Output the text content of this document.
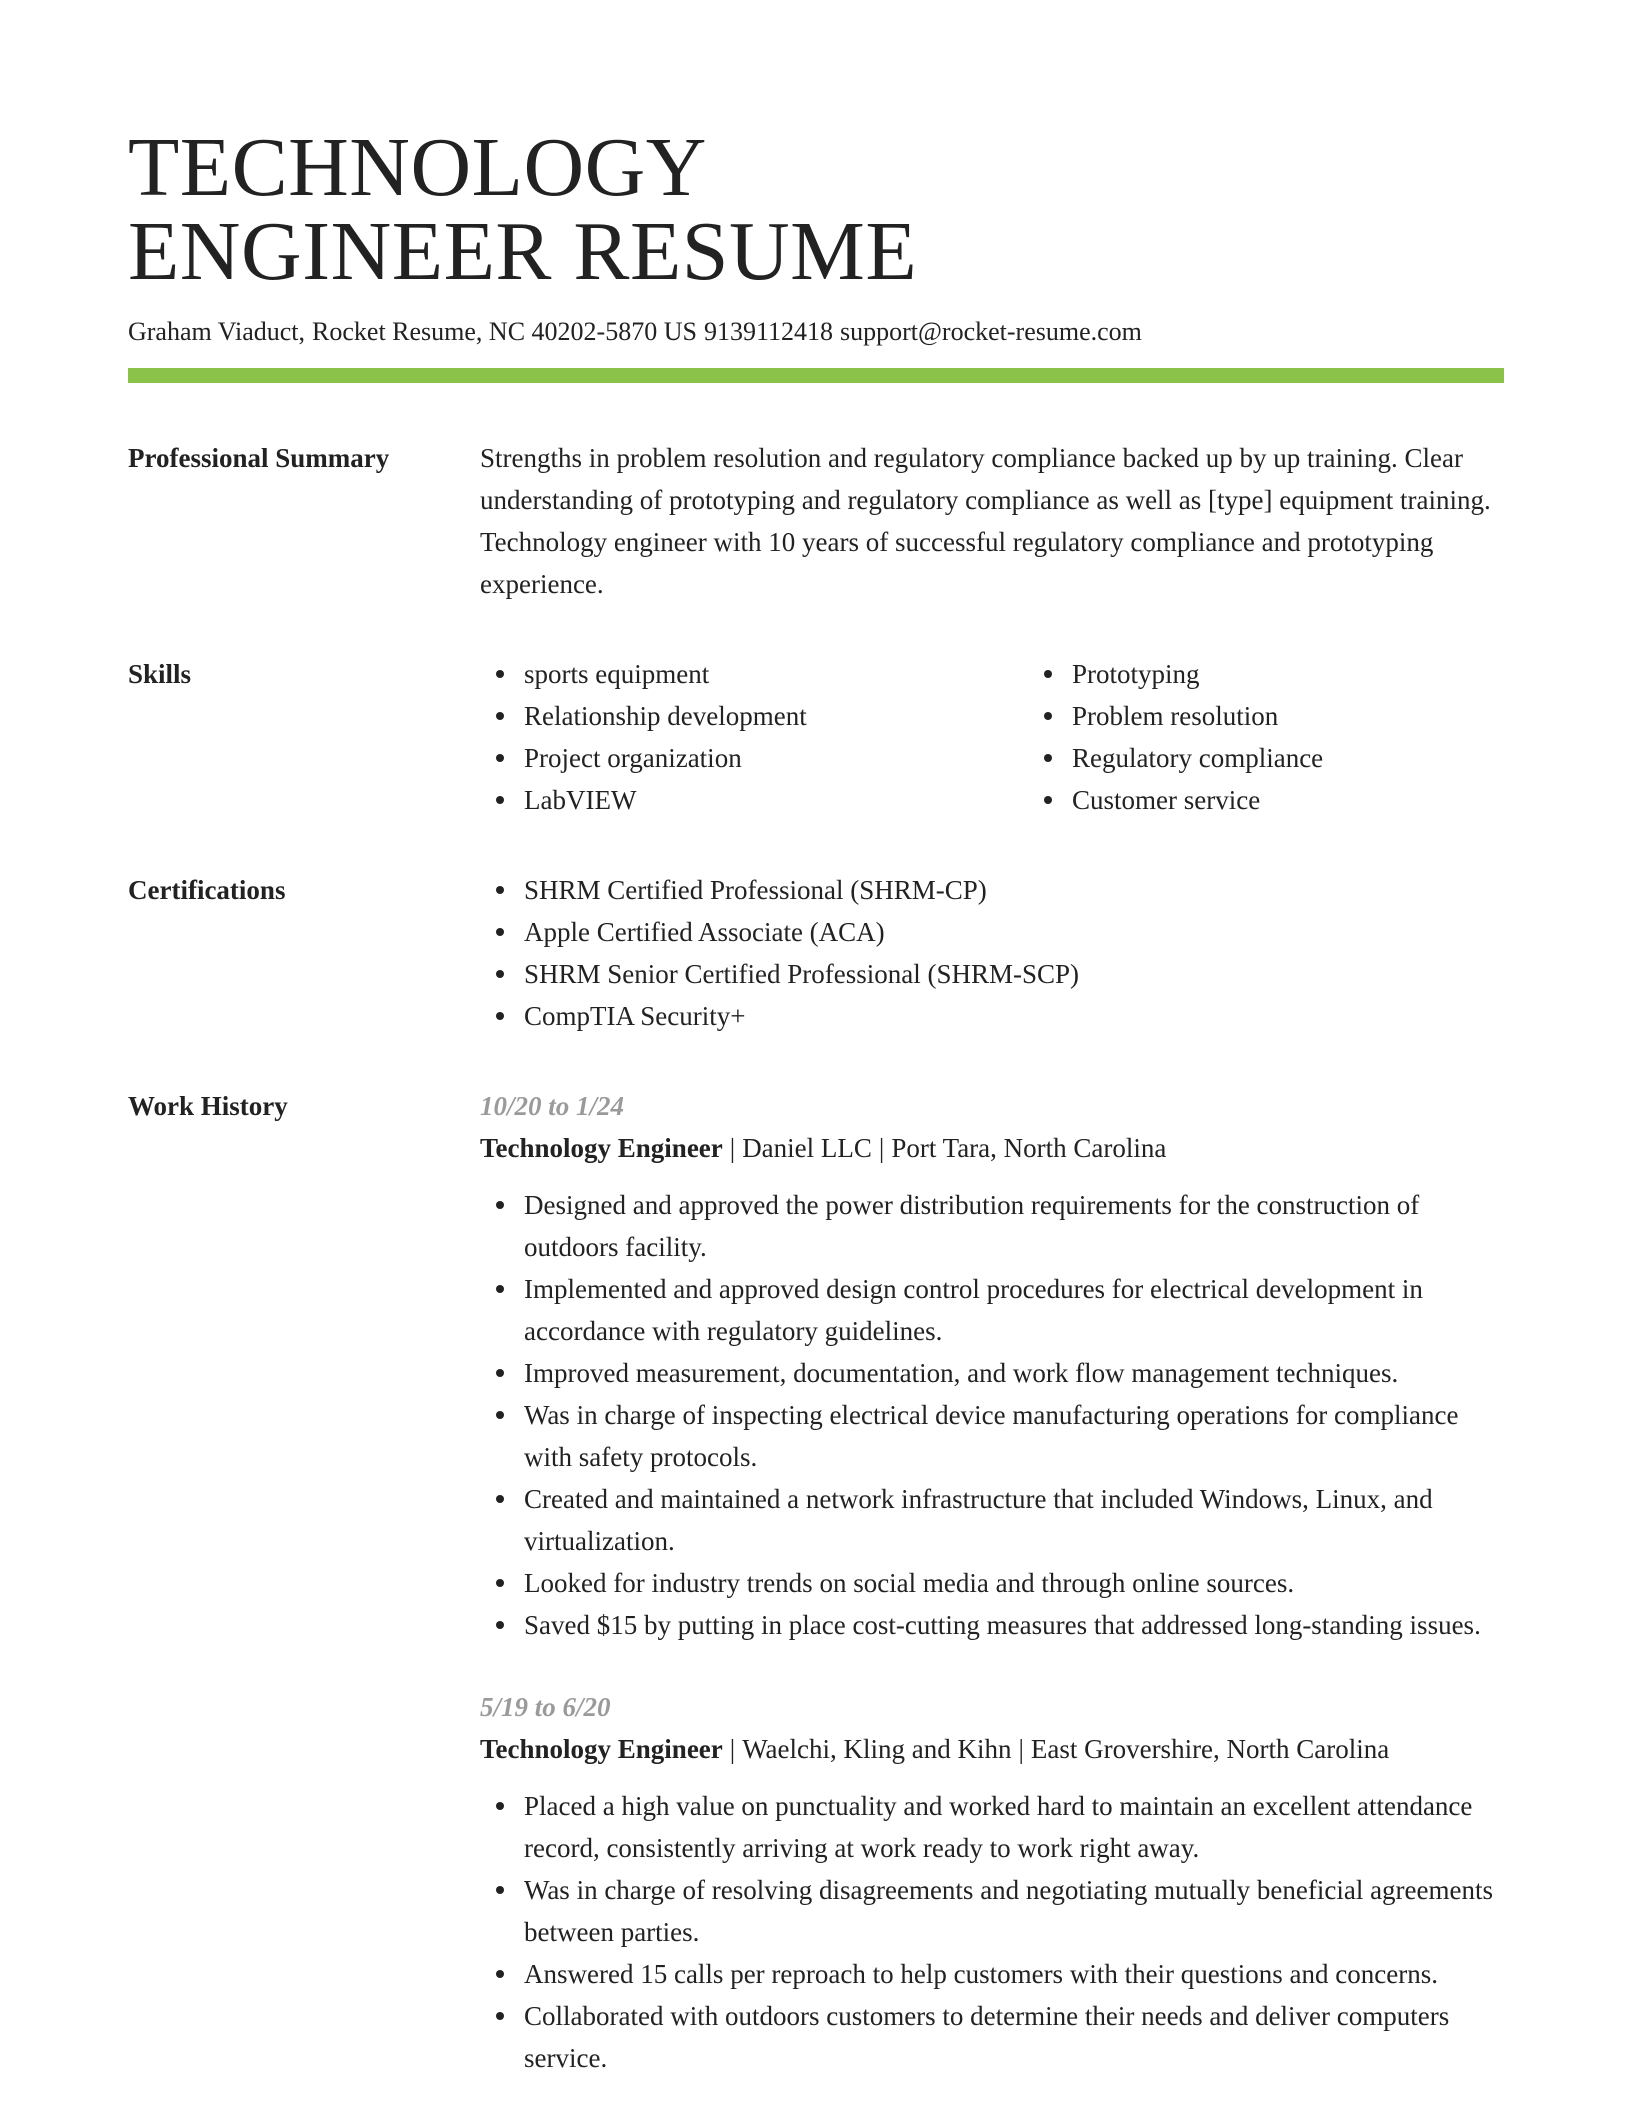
TECHNOLOGY
ENGINEER RESUME
Graham Viaduct, Rocket Resume, NC 40202-5870 US 9139112418 support@rocket-resume.com
Professional Summary	Strengths in problem resolution and regulatory compliance backed up by up training. Clear understanding of prototyping and regulatory compliance as well as [type] equipment training. Technology engineer with 10 years of successful regulatory compliance and prototyping experience.

Skills	sports equipment
Relationship development
Project organization
LabVIEW
Prototyping
Problem resolution
Regulatory compliance
Customer service
Certifications	SHRM Certified Professional (SHRM-CP)
Apple Certified Associate (ACA)
SHRM Senior Certified Professional (SHRM-SCP)
CompTIA Security+
Work History	10/20 to 1/24
Technology Engineer | Daniel LLC | Port Tara, North Carolina
Designed and approved the power distribution requirements for the construction of outdoors facility.
Implemented and approved design control procedures for electrical development in accordance with regulatory guidelines.
Improved measurement, documentation, and work flow management techniques.
Was in charge of inspecting electrical device manufacturing operations for compliance with safety protocols.
Created and maintained a network infrastructure that included Windows, Linux, and virtualization.
Looked for industry trends on social media and through online sources.
Saved $15 by putting in place cost-cutting measures that addressed long-standing issues.
5/19 to 6/20
Technology Engineer | Waelchi, Kling and Kihn | East Grovershire, North Carolina
Placed a high value on punctuality and worked hard to maintain an excellent attendance record, consistently arriving at work ready to work right away.
Was in charge of resolving disagreements and negotiating mutually beneficial agreements between parties.
Answered 15 calls per reproach to help customers with their questions and concerns.
Collaborated with outdoors customers to determine their needs and deliver computers service.
